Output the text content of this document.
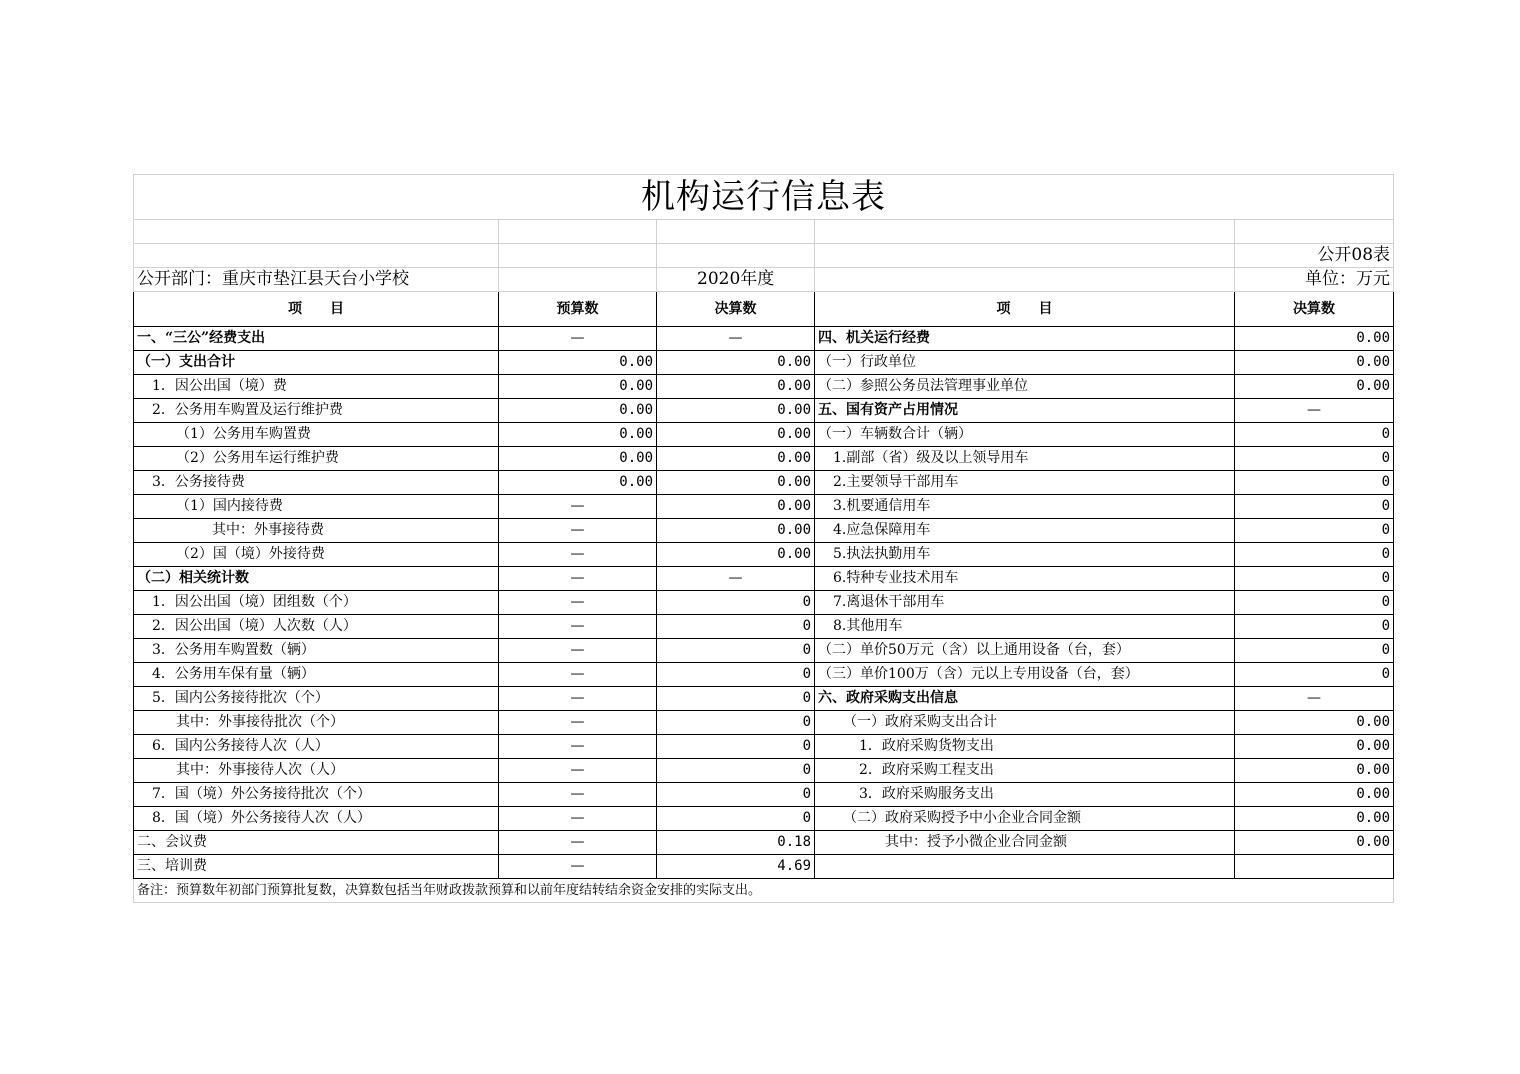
机构运行信息表				

				公开08表
公开部门：重庆市垫江县天台小学校		2020年度		单位：万元
项　　目	预算数	决算数	项　　目	决算数
一、“三公”经费支出	—	—	四、机关运行经费	0.00
（一）支出合计	0.00	0.00	（一）行政单位	0.00
1．因公出国（境）费	0.00	0.00	（二）参照公务员法管理事业单位	0.00
2．公务用车购置及运行维护费	0.00	0.00	五、国有资产占用情况	—
（1）公务用车购置费	0.00	0.00	（一）车辆数合计（辆）	0
（2）公务用车运行维护费	0.00	0.00	1.副部（省）级及以上领导用车	0
3．公务接待费	0.00	0.00	2.主要领导干部用车	0
（1）国内接待费	—	0.00	3.机要通信用车	0
其中：外事接待费	—	0.00	4.应急保障用车	0
（2）国（境）外接待费	—	0.00	5.执法执勤用车	0
（二）相关统计数	—	—	6.特种专业技术用车	0
1．因公出国（境）团组数（个）	—	0	7.离退休干部用车	0
2．因公出国（境）人次数（人）	—	0	8.其他用车	0
3．公务用车购置数（辆）	—	0	（二）单价50万元（含）以上通用设备（台，套）	0
4．公务用车保有量（辆）	—	0	（三）单价100万（含）元以上专用设备（台，套）	0
5．国内公务接待批次（个）	—	0	六、政府采购支出信息	—
其中：外事接待批次（个）	—	0	（一）政府采购支出合计	0.00
6．国内公务接待人次（人）	—	0	1．政府采购货物支出	0.00
其中：外事接待人次（人）	—	0	2．政府采购工程支出	0.00
7．国（境）外公务接待批次（个）	—	0	3．政府采购服务支出	0.00
8．国（境）外公务接待人次（人）	—	0	（二）政府采购授予中小企业合同金额	0.00
二、会议费	—	0.18	其中：授予小微企业合同金额	0.00
三、培训费	—	4.69		
备注：预算数年初部门预算批复数，决算数包括当年财政拨款预算和以前年度结转结余资金安排的实际支出。				
